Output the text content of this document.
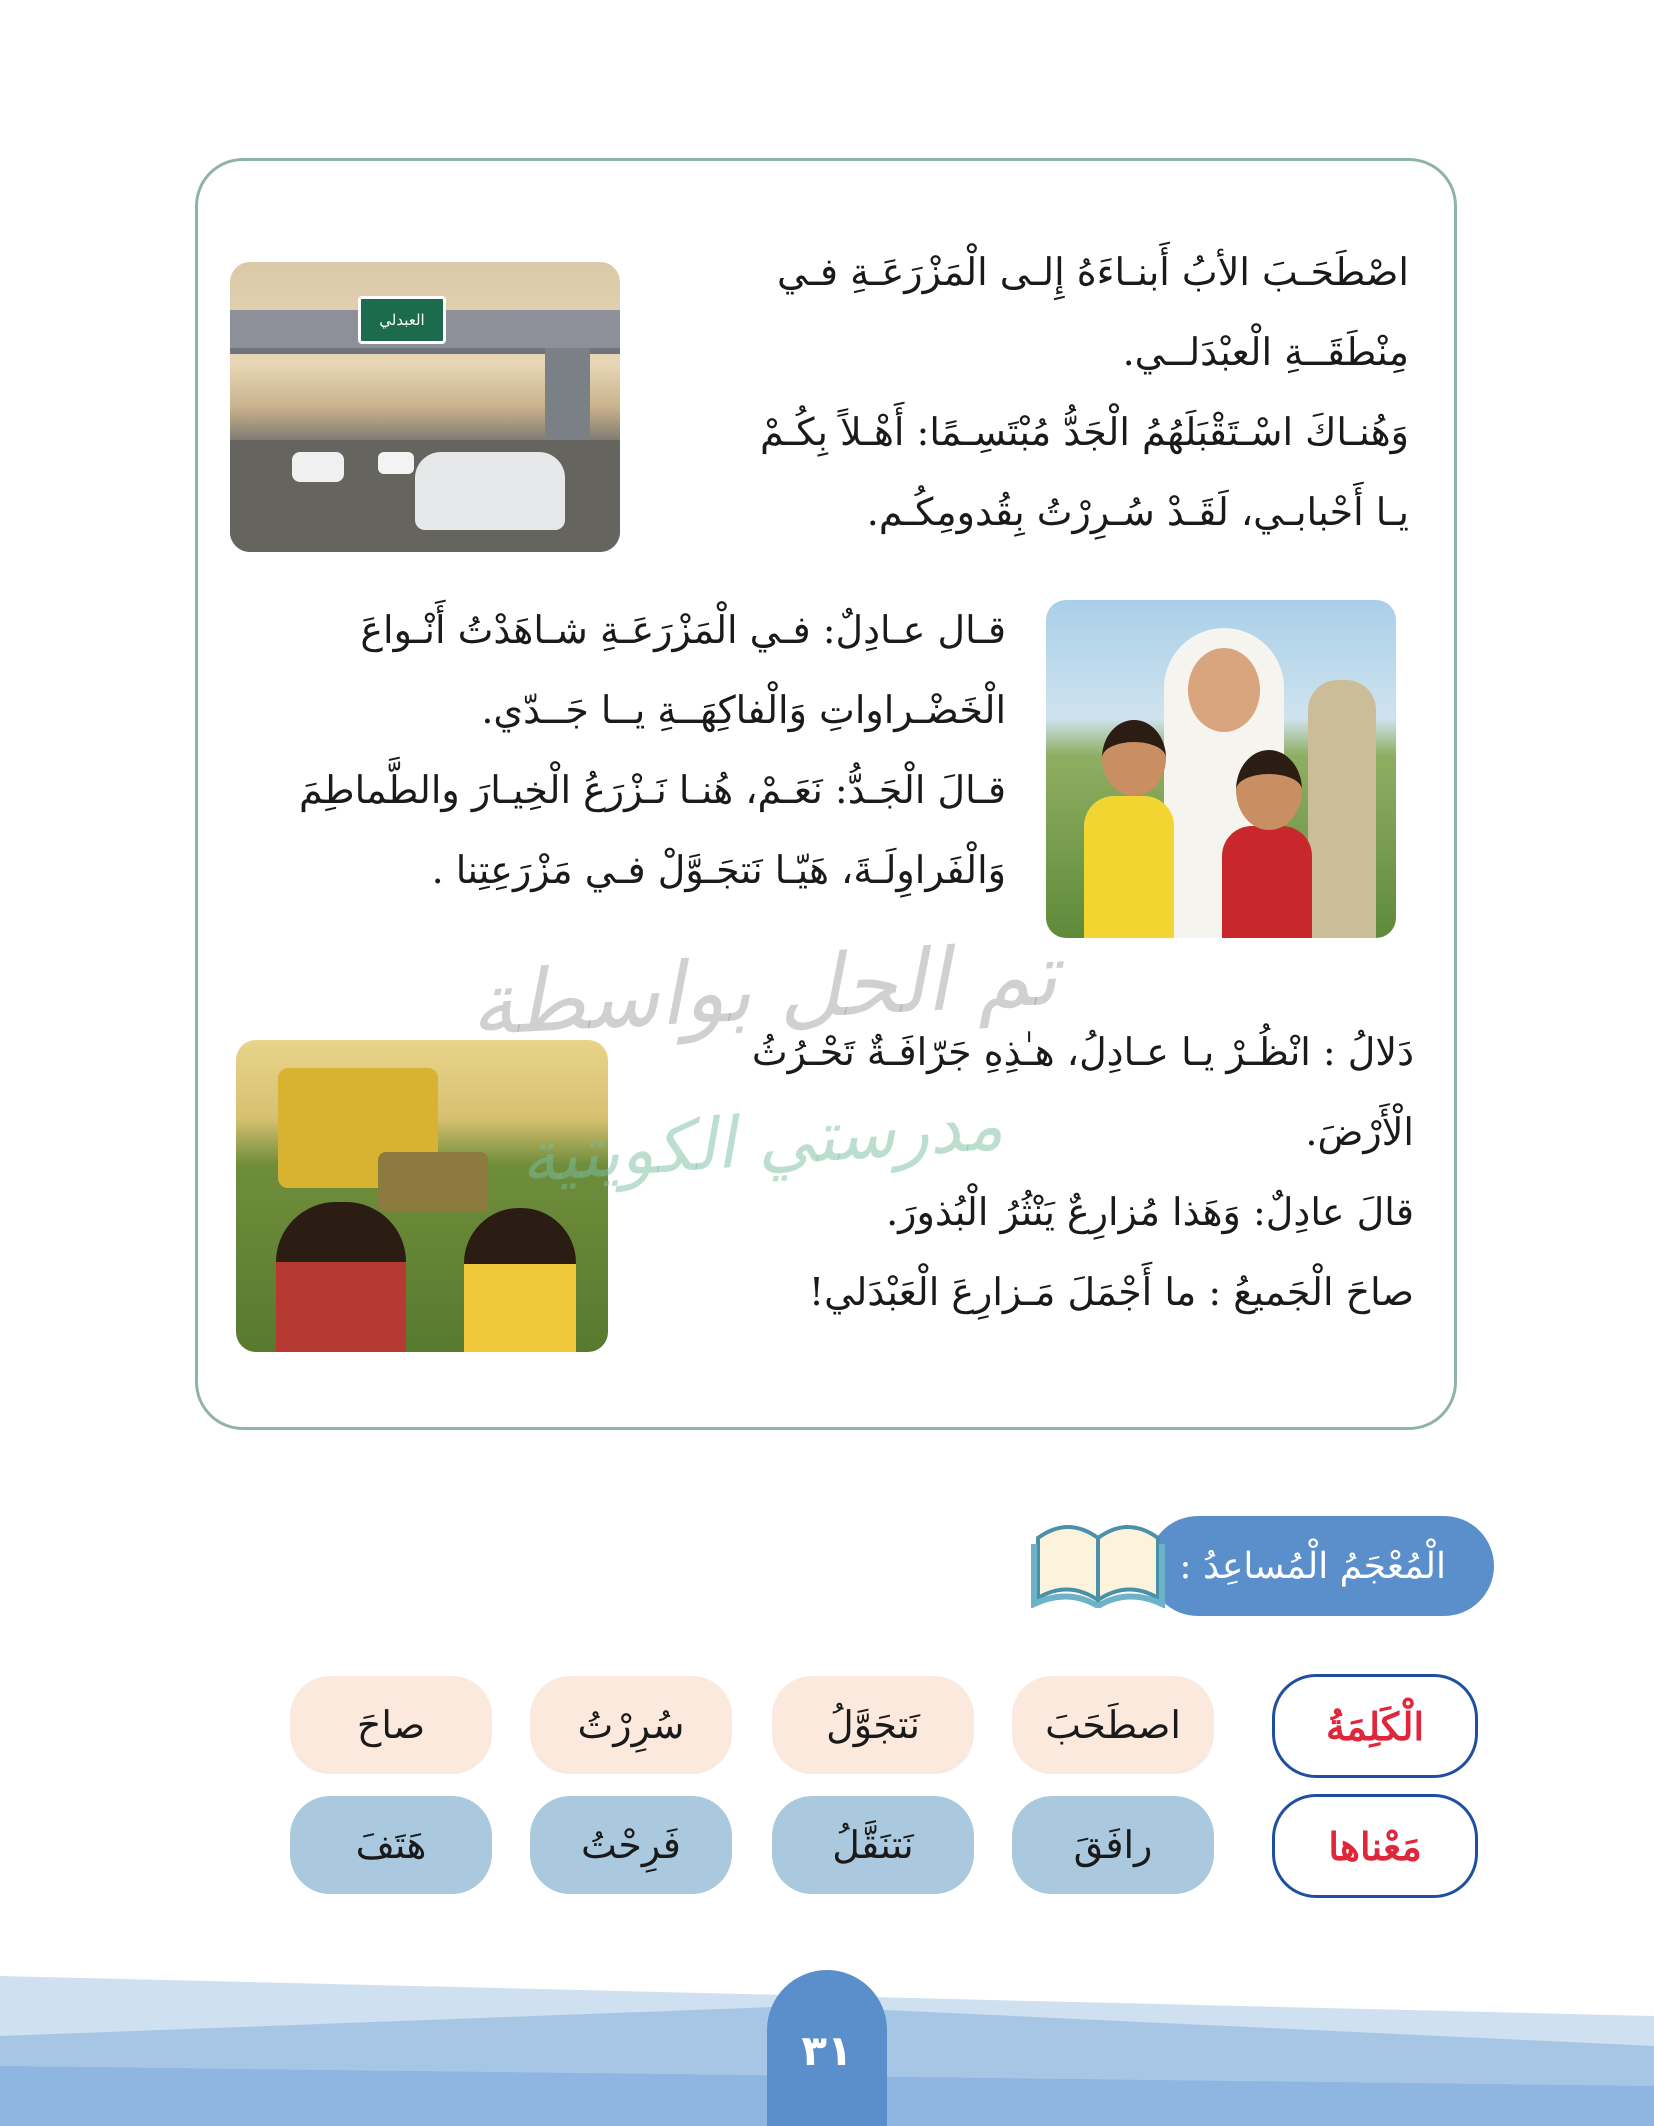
اصْطَحَـبَ الأبُ أَبنـاءَهُ إِلـى الْمَزْرَعَـةِ فـي

مِنْطَقَــةِ الْعبْدَلــي.

وَهُنـاكَ اسْـتَقْبَلَهُمُ الْجَدُّ مُبْتَسِـمًا: أَهْـلاً بِكُـمْ

يـا أَحْبابـي، لَقَـدْ سُـرِرْتُ بِقُدومِكُـم.

العبدلي

قـال عـادِلٌ: فـي الْمَزْرَعَـةِ شـاهَدْتُ أَنْـواعَ

الْخَضْـراواتِ وَالْفاكِهَــةِ يــا جَــدّي.

قـالَ الْجَـدُّ: نَعَـمْ، هُنـا نَـزْرَعُ الْخِيـارَ والطَّماطِمَ

وَالْفَراوِلَـةَ، هَيّـا نَتجَـوَّلْ فـي مَزْرَعِتِنا .

دَلالُ : انْظُـرْ يـا عـادِلُ، هـٰذِهِ جَرّافَـةٌ تَحْـرُثُ

الْأَرْضَ.

قالَ عادِلٌ: وَهَذا مُزارِعٌ يَنْثُرُ الْبُذورَ.

صاحَ الْجَميعُ : ما أَجْمَلَ مَـزارِعَ الْعَبْدَلي!

تم الحل بواسطة
مدرستي الكويتية
الْمُعْجَمُ الْمُساعِدُ :
الْكَلِمَةُ
مَعْناها
اصطَحَبَ
نَتجَوَّلُ
سُرِرْتُ
صاحَ
رافَقَ
نَتنَقَّلُ
فَرِحْتُ
هَتَفَ
٣١
